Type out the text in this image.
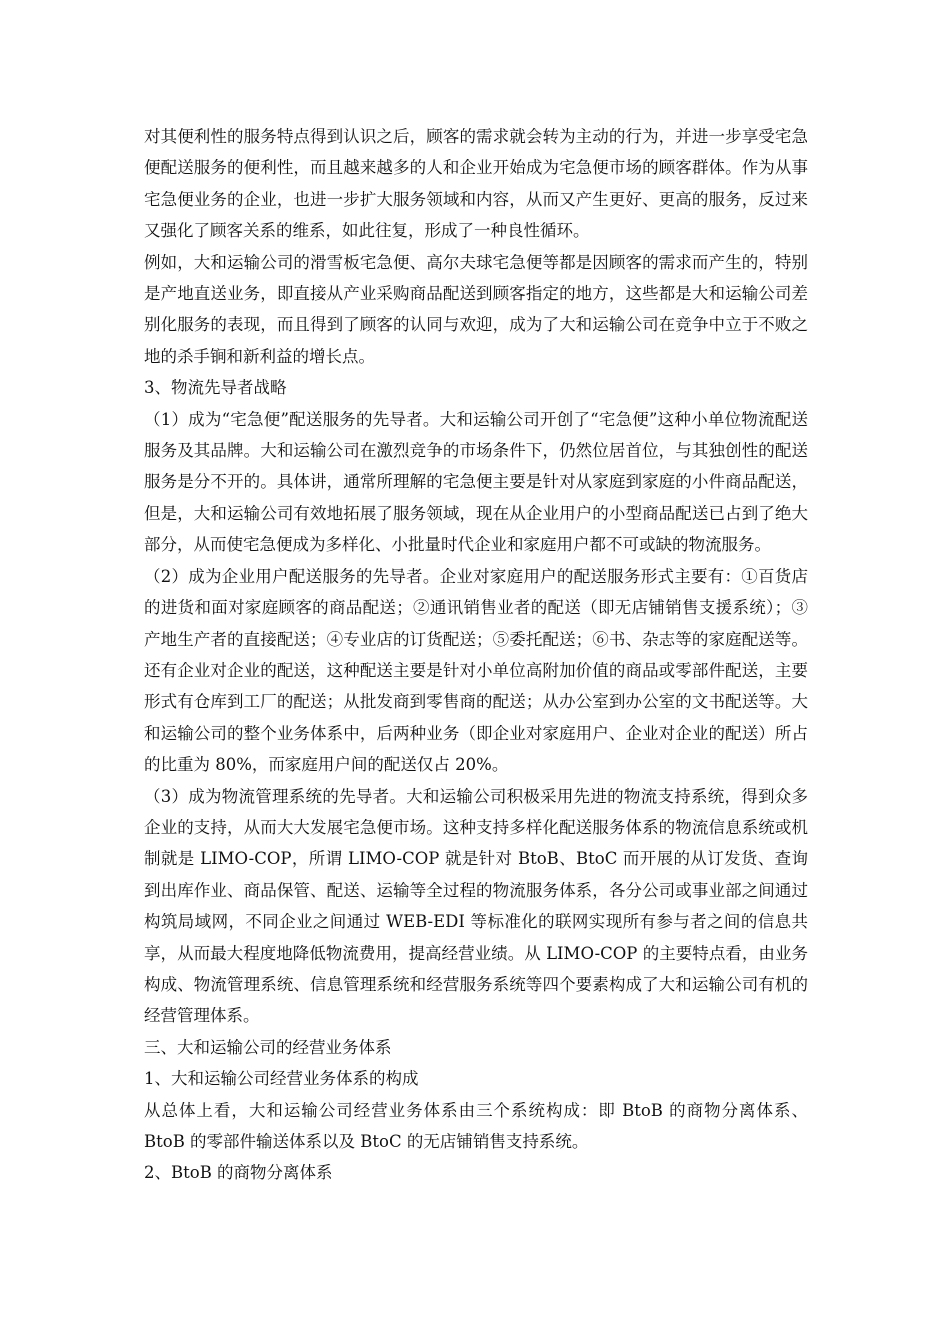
对其便利性的服务特点得到认识之后，顾客的需求就会转为主动的行为，并进一步享受宅急便配送服务的便利性，而且越来越多的人和企业开始成为宅急便市场的顾客群体。作为从事宅急便业务的企业，也进一步扩大服务领域和内容，从而又产生更好、更高的服务，反过来又强化了顾客关系的维系，如此往复，形成了一种良性循环。

例如，大和运输公司的滑雪板宅急便、高尔夫球宅急便等都是因顾客的需求而产生的，特别是产地直送业务，即直接从产业采购商品配送到顾客指定的地方，这些都是大和运输公司差别化服务的表现，而且得到了顾客的认同与欢迎，成为了大和运输公司在竞争中立于不败之地的杀手锏和新利益的增长点。

3、物流先导者战略

（1）成为“宅急便”配送服务的先导者。大和运输公司开创了“宅急便”这种小单位物流配送服务及其品牌。大和运输公司在激烈竞争的市场条件下，仍然位居首位，与其独创性的配送服务是分不开的。具体讲，通常所理解的宅急便主要是针对从家庭到家庭的小件商品配送，但是，大和运输公司有效地拓展了服务领域，现在从企业用户的小型商品配送已占到了绝大部分，从而使宅急便成为多样化、小批量时代企业和家庭用户都不可或缺的物流服务。

（2）成为企业用户配送服务的先导者。企业对家庭用户的配送服务形式主要有：①百货店的进货和面对家庭顾客的商品配送；②通讯销售业者的配送（即无店铺销售支援系统）；③产地生产者的直接配送；④专业店的订货配送；⑤委托配送；⑥书、杂志等的家庭配送等。还有企业对企业的配送，这种配送主要是针对小单位高附加价值的商品或零部件配送，主要形式有仓库到工厂的配送；从批发商到零售商的配送；从办公室到办公室的文书配送等。大和运输公司的整个业务体系中，后两种业务（即企业对家庭用户、企业对企业的配送）所占的比重为 80%，而家庭用户间的配送仅占 20%。

（3）成为物流管理系统的先导者。大和运输公司积极采用先进的物流支持系统，得到众多企业的支持，从而大大发展宅急便市场。这种支持多样化配送服务体系的物流信息系统或机制就是 LIMO-COP，所谓 LIMO-COP 就是针对 BtoB、BtoC 而开展的从订发货、查询到出库作业、商品保管、配送、运输等全过程的物流服务体系，各分公司或事业部之间通过构筑局域网，不同企业之间通过 WEB-EDI 等标准化的联网实现所有参与者之间的信息共享，从而最大程度地降低物流费用，提高经营业绩。从 LIMO-COP 的主要特点看，由业务构成、物流管理系统、信息管理系统和经营服务系统等四个要素构成了大和运输公司有机的经营管理体系。

三、大和运输公司的经营业务体系

1、大和运输公司经营业务体系的构成

从总体上看，大和运输公司经营业务体系由三个系统构成：即 BtoB 的商物分离体系、BtoB 的零部件输送体系以及 BtoC 的无店铺销售支持系统。

2、BtoB 的商物分离体系
